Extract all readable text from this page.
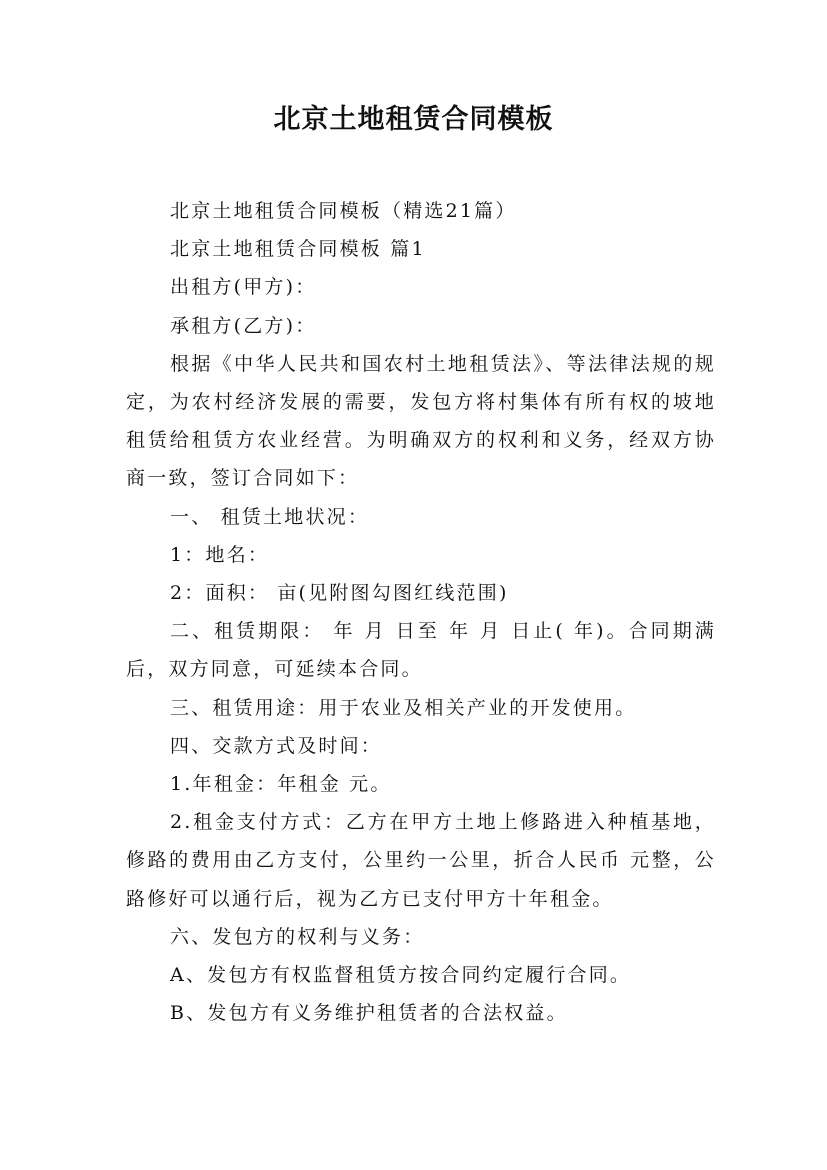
北京土地租赁合同模板

北京土地租赁合同模板（精选21篇）

北京土地租赁合同模板 篇1

出租方(甲方)：

承租方(乙方)：

根据《中华人民共和国农村土地租赁法》、等法律法规的规定，为农村经济发展的需要，发包方将村集体有所有权的坡地租赁给租赁方农业经营。为明确双方的权利和义务，经双方协商一致，签订合同如下：

一、 租赁土地状况：

1：地名：

2：面积： 亩(见附图勾图红线范围)

二、租赁期限： 年 月 日至 年 月 日止( 年)。合同期满后，双方同意，可延续本合同。

三、租赁用途：用于农业及相关产业的开发使用。

四、交款方式及时间：

1.年租金：年租金 元。

2.租金支付方式：乙方在甲方土地上修路进入种植基地，修路的费用由乙方支付，公里约一公里，折合人民币 元整，公路修好可以通行后，视为乙方已支付甲方十年租金。

六、发包方的权利与义务：

A、发包方有权监督租赁方按合同约定履行合同。

B、发包方有义务维护租赁者的合法权益。
